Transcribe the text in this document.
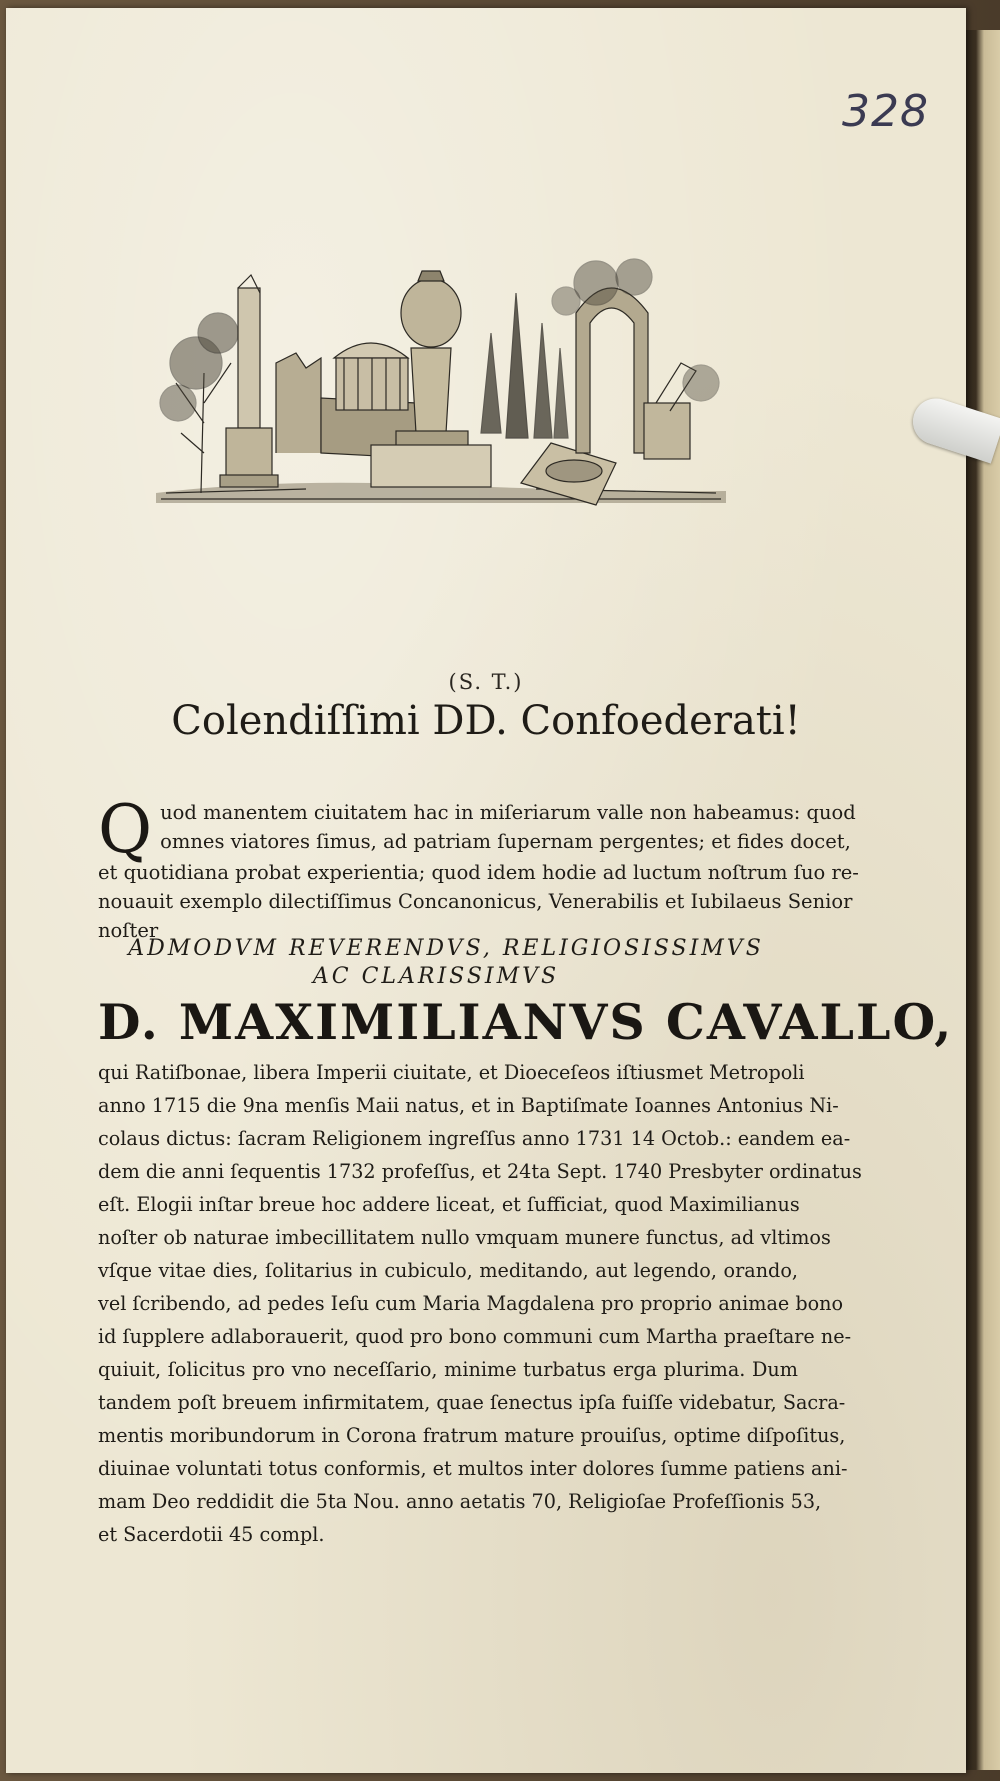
328
(S. T.)
Colendiſſimi DD. Confoederati!
Q uod manentem ciuitatem hac in miſeriarum valle non habeamus: quod
omnes viatores ſimus, ad patriam ſupernam pergentes; et fides docet,
et quotidiana probat experientia; quod idem hodie ad luctum noſtrum ſuo re-
nouauit exemplo dilectiſſimus Concanonicus, Venerabilis et Iubilaeus Senior
noſter
ADMODVM REVERENDVS, RELIGIOSISSIMVS
AC CLARISSIMVS
D. MAXIMILIANVS CAVALLO,
qui Ratiſbonae, libera Imperii ciuitate, et Dioeceſeos iſtiusmet Metropoli
anno 1715 die 9na menſis Maii natus, et in Baptiſmate Ioannes Antonius Ni-
colaus dictus: ſacram Religionem ingreſſus anno 1731 14 Octob.: eandem ea-
dem die anni ſequentis 1732 profeſſus, et 24ta Sept. 1740 Presbyter ordinatus
eſt. Elogii inſtar breue hoc addere liceat, et ſufficiat, quod Maximilianus
noſter ob naturae imbecillitatem nullo vmquam munere functus, ad vltimos
vſque vitae dies, ſolitarius in cubiculo, meditando, aut legendo, orando,
vel ſcribendo, ad pedes Ieſu cum Maria Magdalena pro proprio animae bono
id ſupplere adlaborauerit, quod pro bono communi cum Martha praeſtare ne-
quiuit, ſolicitus pro vno neceſſario, minime turbatus erga plurima. Dum
tandem poſt breuem infirmitatem, quae ſenectus ipſa fuiſſe videbatur, Sacra-
mentis moribundorum in Corona fratrum mature prouiſus, optime diſpoſitus,
diuinae voluntati totus conformis, et multos inter dolores ſumme patiens ani-
mam Deo reddidit die 5ta Nou. anno aetatis 70, Religioſae Profeſſionis 53,
et Sacerdotii 45 compl.
